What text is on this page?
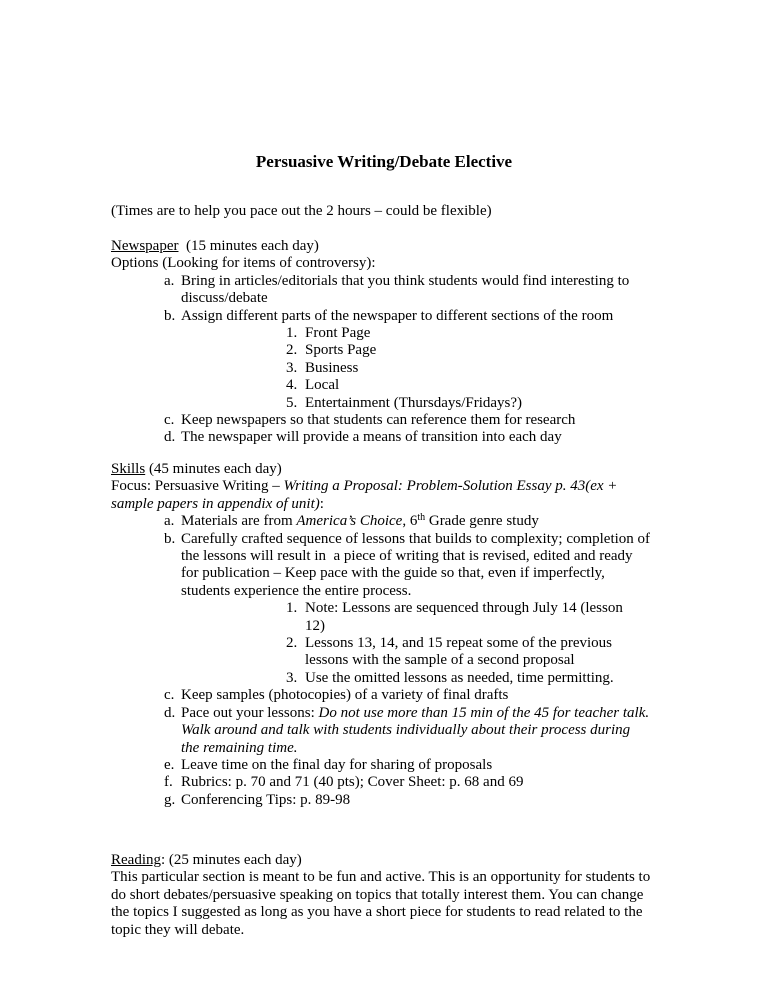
Persuasive Writing/Debate Elective

(Times are to help you pace out the 2 hours – could be flexible)

Newspaper  (15 minutes each day)

Options (Looking for items of controversy):

a. Bring in articles/editorials that you think students would find interesting to

discuss/debate

b. Assign different parts of the newspaper to different sections of the room

1. Front Page

2. Sports Page

3. Business

4. Local

5. Entertainment (Thursdays/Fridays?)

c. Keep newspapers so that students can reference them for research

d. The newspaper will provide a means of transition into each day

Skills (45 minutes each day)

Focus: Persuasive Writing – Writing a Proposal: Problem-Solution Essay p. 43(ex +

sample papers in appendix of unit):

a. Materials are from America’s Choice, 6th Grade genre study

b. Carefully crafted sequence of lessons that builds to complexity; completion of

the lessons will result in  a piece of writing that is revised, edited and ready

for publication – Keep pace with the guide so that, even if imperfectly,

students experience the entire process.

1. Note: Lessons are sequenced through July 14 (lesson

12)

2. Lessons 13, 14, and 15 repeat some of the previous

lessons with the sample of a second proposal

3. Use the omitted lessons as needed, time permitting.

c. Keep samples (photocopies) of a variety of final drafts

d. Pace out your lessons: Do not use more than 15 min of the 45 for teacher talk.

Walk around and talk with students individually about their process during

the remaining time.

e. Leave time on the final day for sharing of proposals

f. Rubrics: p. 70 and 71 (40 pts); Cover Sheet: p. 68 and 69

g. Conferencing Tips: p. 89-98

Reading: (25 minutes each day)

This particular section is meant to be fun and active. This is an opportunity for students to

do short debates/persuasive speaking on topics that totally interest them. You can change

the topics I suggested as long as you have a short piece for students to read related to the

topic they will debate.
